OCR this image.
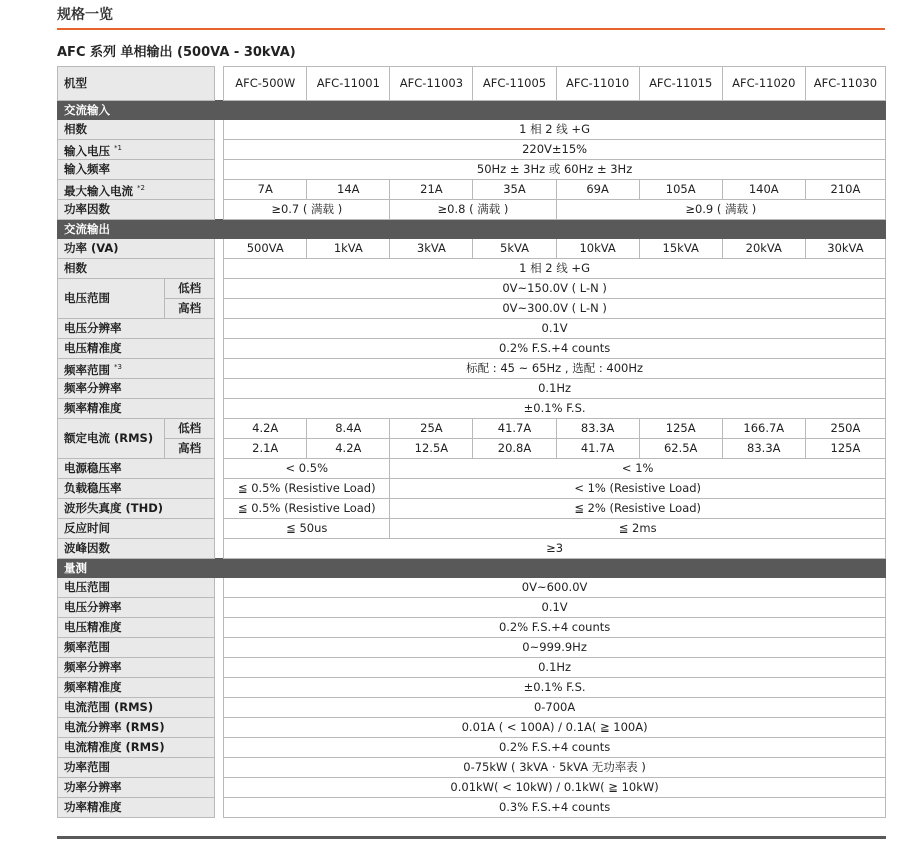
规格一览
AFC 系列 单相输出 (500VA - 30kVA)
机型			AFC-500W	AFC-11001	AFC-11003	AFC-11005	AFC-11010	AFC-11015	AFC-11020	AFC-11030
交流输入										
相数			1 相 2 线 +G							
输入电压 $^{*1}$			220V±15%							
输入频率			50Hz ± 3Hz 或 60Hz ± 3Hz							
最大输入电流 $^{*2}$			7A	14A	21A	35A	69A	105A	140A	210A
功率因数			≥0.7 ( 满载 )		≥0.8 ( 满载 )		≥0.9 ( 满载 )			
交流输出										
功率 (VA)			500VA	1kVA	3kVA	5kVA	10kVA	15kVA	20kVA	30kVA
相数			1 相 2 线 +G							
电压范围	低档		0V~150.0V ( L-N )							
	高档		0V~300.0V ( L-N )							
电压分辨率			0.1V							
电压精准度			0.2% F.S.+4 counts							
频率范围 $^{*3}$			标配 : 45 ~ 65Hz , 选配 : 400Hz							
频率分辨率			0.1Hz							
频率精准度			±0.1% F.S.							
额定电流 (RMS)	低档		4.2A	8.4A	25A	41.7A	83.3A	125A	166.7A	250A
	高档		2.1A	4.2A	12.5A	20.8A	41.7A	62.5A	83.3A	125A
电源稳压率			< 0.5%		< 1%					
负载稳压率			≦ 0.5% (Resistive Load)		< 1% (Resistive Load)					
波形失真度 (THD)			≦ 0.5% (Resistive Load)		≦ 2% (Resistive Load)					
反应时间			≦ 50us		≦ 2ms					
波峰因数			≥3							
量测										
电压范围			0V~600.0V							
电压分辨率			0.1V							
电压精准度			0.2% F.S.+4 counts							
频率范围			0~999.9Hz							
频率分辨率			0.1Hz							
频率精准度			±0.1% F.S.							
电流范围 (RMS)			0-700A							
电流分辨率 (RMS)			0.01A ( < 100A) / 0.1A( ≧ 100A)							
电流精准度 (RMS)			0.2% F.S.+4 counts							
功率范围			0-75kW ( 3kVA · 5kVA 无功率表 )							
功率分辨率			0.01kW( < 10kW) / 0.1kW( ≧ 10kW)							
功率精准度			0.3% F.S.+4 counts							
